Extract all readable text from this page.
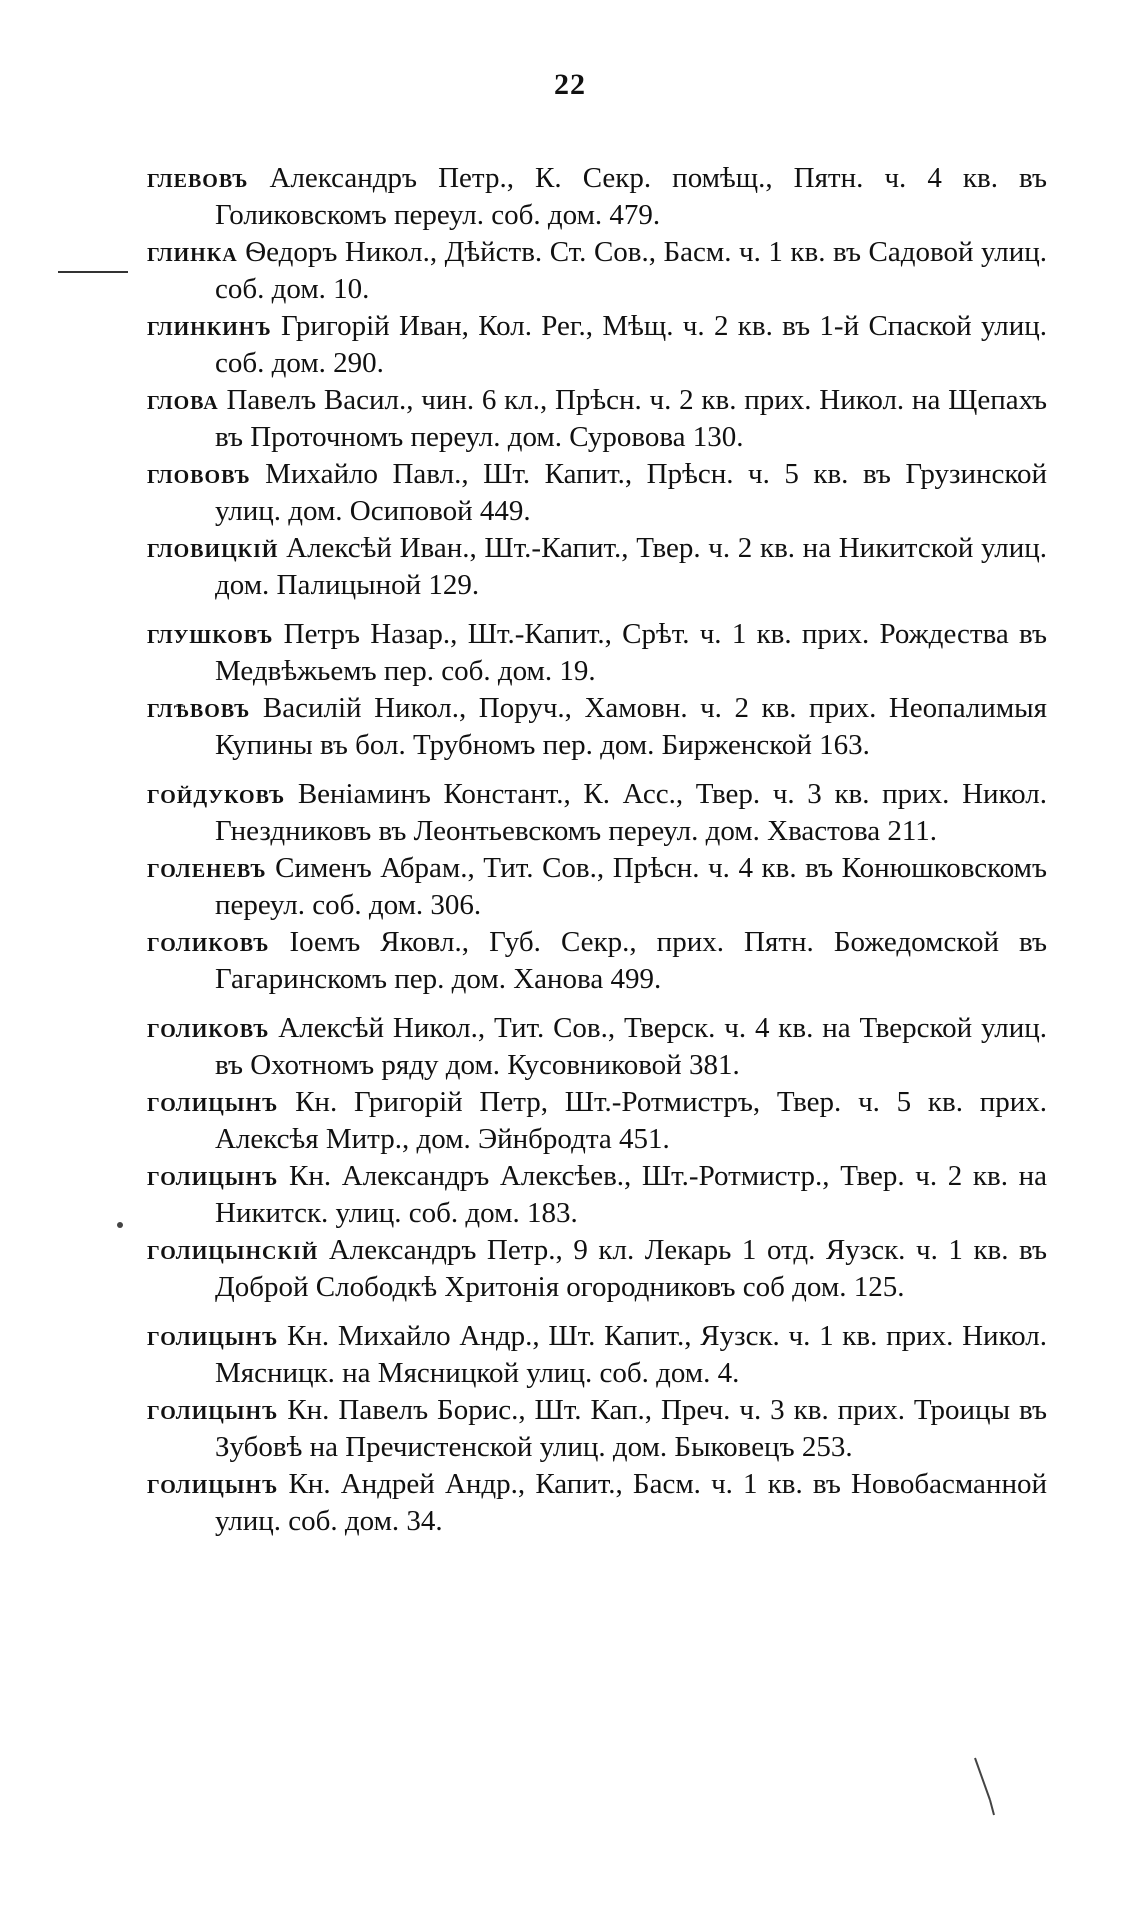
22
глевовъ Александръ Петр., К. Секр. помѣщ., Пятн. ч. 4 кв. въ Голиковскомъ переул. соб. дом. 479.
глинка Ѳедоръ Никол., Дѣйств. Ст. Сов., Басм. ч. 1 кв. въ Садовой улиц. соб. дом. 10.
глинкинъ Григорій Иван, Кол. Рег., Мѣщ. ч. 2 кв. въ 1-й Спаской улиц. соб. дом. 290.
глова Павелъ Васил., чин. 6 кл., Прѣсн. ч. 2 кв. прих. Никол. на Щепахъ въ Проточномъ переул. дом. Суровова 130.
глововъ Михайло Павл., Шт. Капит., Прѣсн. ч. 5 кв. въ Грузинской улиц. дом. Осиповой 449.
гловицкій Алексѣй Иван., Шт.-Капит., Твер. ч. 2 кв. на Никитской улиц. дом. Палицыной 129.
глушковъ Петръ Назар., Шт.-Капит., Срѣт. ч. 1 кв. прих. Рождества въ Медвѣжьемъ пер. соб. дом. 19.
глѣвовъ Василій Никол., Поруч., Хамовн. ч. 2 кв. прих. Неопалимыя Купины въ бол. Трубномъ пер. дом. Бирженской 163.
гойдуковъ Веніаминъ Констант., К. Асс., Твер. ч. 3 кв. прих. Никол. Гнездниковъ въ Леонтьевскомъ переул. дом. Хвастова 211.
голеневъ Сименъ Абрам., Тит. Сов., Прѣсн. ч. 4 кв. въ Конюшковскомъ переул. соб. дом. 306.
голиковъ Іоемъ Яковл., Губ. Секр., прих. Пятн. Божедомской въ Гагаринскомъ пер. дом. Ханова 499.
голиковъ Алексѣй Никол., Тит. Сов., Тверск. ч. 4 кв. на Тверской улиц. въ Охотномъ ряду дом. Кусовниковой 381.
голицынъ Кн. Григорій Петр, Шт.-Ротмистръ, Твер. ч. 5 кв. прих. Алексѣя Митр., дом. Эйнбродта 451.
голицынъ Кн. Александръ Алексѣев., Шт.-Ротмистр., Твер. ч. 2 кв. на Никитск. улиц. соб. дом. 183.
голицынскій Александръ Петр., 9 кл. Лекарь 1 отд. Яузск. ч. 1 кв. въ Доброй Слободкѣ Хритонія огородниковъ соб дом. 125.
голицынъ Кн. Михайло Андр., Шт. Капит., Яузск. ч. 1 кв. прих. Никол. Мясницк. на Мясницкой улиц. соб. дом. 4.
голицынъ Кн. Павелъ Борис., Шт. Кап., Преч. ч. 3 кв. прих. Троицы въ Зубовѣ на Пречистенской улиц. дом. Быковецъ 253.
голицынъ Кн. Андрей Андр., Капит., Басм. ч. 1 кв. въ Новобасманной улиц. соб. дом. 34.
